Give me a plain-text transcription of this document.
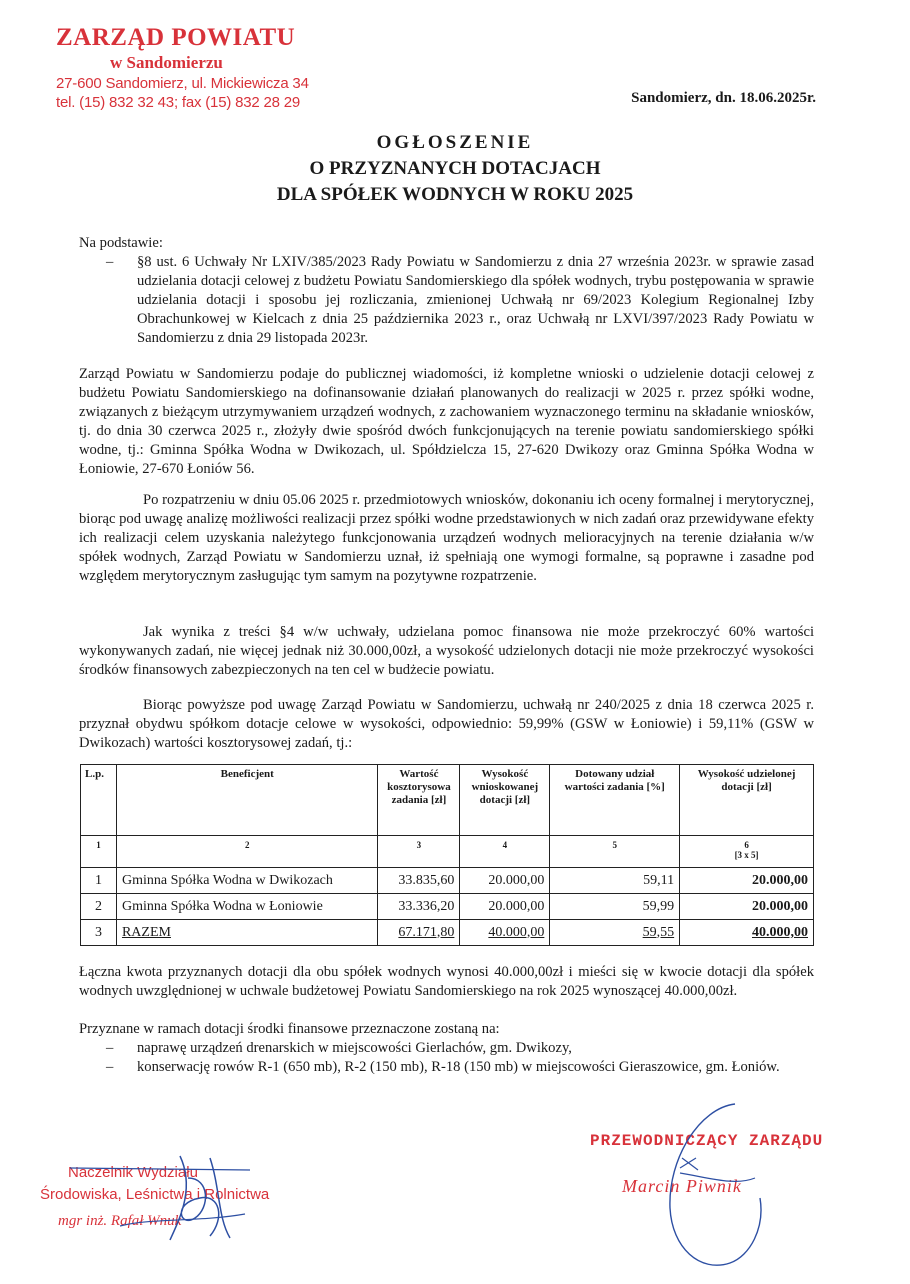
ZARZĄD POWIATU
w Sandomierzu
27-600 Sandomierz, ul. Mickiewicza 34
tel. (15) 832 32 43; fax (15) 832 28 29	Sandomierz, dn. 18.06.2025r.
OGŁOSZENIE
O PRZYZNANYCH DOTACJACH
DLA SPÓŁEK WODNYCH W ROKU 2025
Na podstawie:
–	§8 ust. 6 Uchwały Nr LXIV/385/2023 Rady Powiatu w Sandomierzu z dnia 27 września 2023r. w sprawie zasad udzielania dotacji celowej z budżetu Powiatu Sandomierskiego dla spółek wodnych, trybu postępowania w sprawie udzielania dotacji i sposobu jej rozliczania, zmienionej Uchwałą nr 69/2023 Kolegium Regionalnej Izby Obrachunkowej w Kielcach z dnia 25 października 2023 r., oraz Uchwałą nr LXVI/397/2023 Rady Powiatu w Sandomierzu z dnia 29 listopada 2023r.
Zarząd Powiatu w Sandomierzu podaje do publicznej wiadomości, iż kompletne wnioski o udzielenie dotacji celowej z budżetu Powiatu Sandomierskiego na dofinansowanie działań planowanych do realizacji w 2025 r. przez spółki wodne, związanych z bieżącym utrzymywaniem urządzeń wodnych, z zachowaniem wyznaczonego terminu na składanie wniosków, tj. do dnia 30 czerwca 2025 r., złożyły dwie spośród dwóch funkcjonujących na terenie powiatu sandomierskiego spółki wodne, tj.: Gminna Spółka Wodna w Dwikozach, ul. Spółdzielcza 15, 27-620 Dwikozy oraz Gminna Spółka Wodna w Łoniowie, 27-670 Łoniów 56.
Po rozpatrzeniu w dniu 05.06 2025 r. przedmiotowych wniosków, dokonaniu ich oceny formalnej i merytorycznej, biorąc pod uwagę analizę możliwości realizacji przez spółki wodne przedstawionych w nich zadań oraz przewidywane efekty ich realizacji celem uzyskania należytego funkcjonowania urządzeń wodnych melioracyjnych na terenie działania w/w spółek wodnych, Zarząd Powiatu w Sandomierzu uznał, iż spełniają one wymogi formalne, są poprawne i zasadne pod względem merytorycznym zasługując tym samym na pozytywne rozpatrzenie.
Jak wynika z treści §4 w/w uchwały, udzielana pomoc finansowa nie może przekroczyć 60% wartości wykonywanych zadań, nie więcej jednak niż 30.000,00zł, a wysokość udzielonych dotacji nie może przekroczyć wysokości środków finansowych zabezpieczonych na ten cel w budżecie powiatu.
Biorąc powyższe pod uwagę Zarząd Powiatu w Sandomierzu, uchwałą nr 240/2025 z dnia 18 czerwca 2025 r. przyznał obydwu spółkom dotacje celowe w wysokości, odpowiednio: 59,99% (GSW w Łoniowie) i 59,11% (GSW w Dwikozach) wartości kosztorysowej zadań, tj.:
L.p.	Beneficjent	Wartość kosztorysowa zadania [zł]	Wysokość wnioskowanej dotacji [zł]	Dotowany udział wartości zadania [%]	Wysokość udzielonej dotacji [zł]
1	2	3	4	5	6
[3 x 5]

1	Gminna Spółka Wodna w Dwikozach	33.835,60	20.000,00	59,11	20.000,00
2	Gminna Spółka Wodna w Łoniowie	33.336,20	20.000,00	59,99	20.000,00
3	RAZEM	67.171,80	40.000,00	59,55	40.000,00
Łączna kwota przyznanych dotacji dla obu spółek wodnych wynosi 40.000,00zł i mieści się w kwocie dotacji dla spółek wodnych uwzględnionej w uchwale budżetowej Powiatu Sandomierskiego na rok 2025 wynoszącej 40.000,00zł.
Przyznane w ramach dotacji środki finansowe przeznaczone zostaną na:
–	naprawę urządzeń drenarskich w miejscowości Gierlachów, gm. Dwikozy,
–	konserwację rowów R-1 (650 mb), R-2 (150 mb), R-18 (150 mb) w miejscowości Gieraszowice, gm. Łoniów.
Naczelnik Wydziału
Środowiska, Leśnictwa i Rolnictwa
mgr inż. Rafał Wnuk
PRZEWODNICZĄCY ZARZĄDU
Marcin Piwnik
